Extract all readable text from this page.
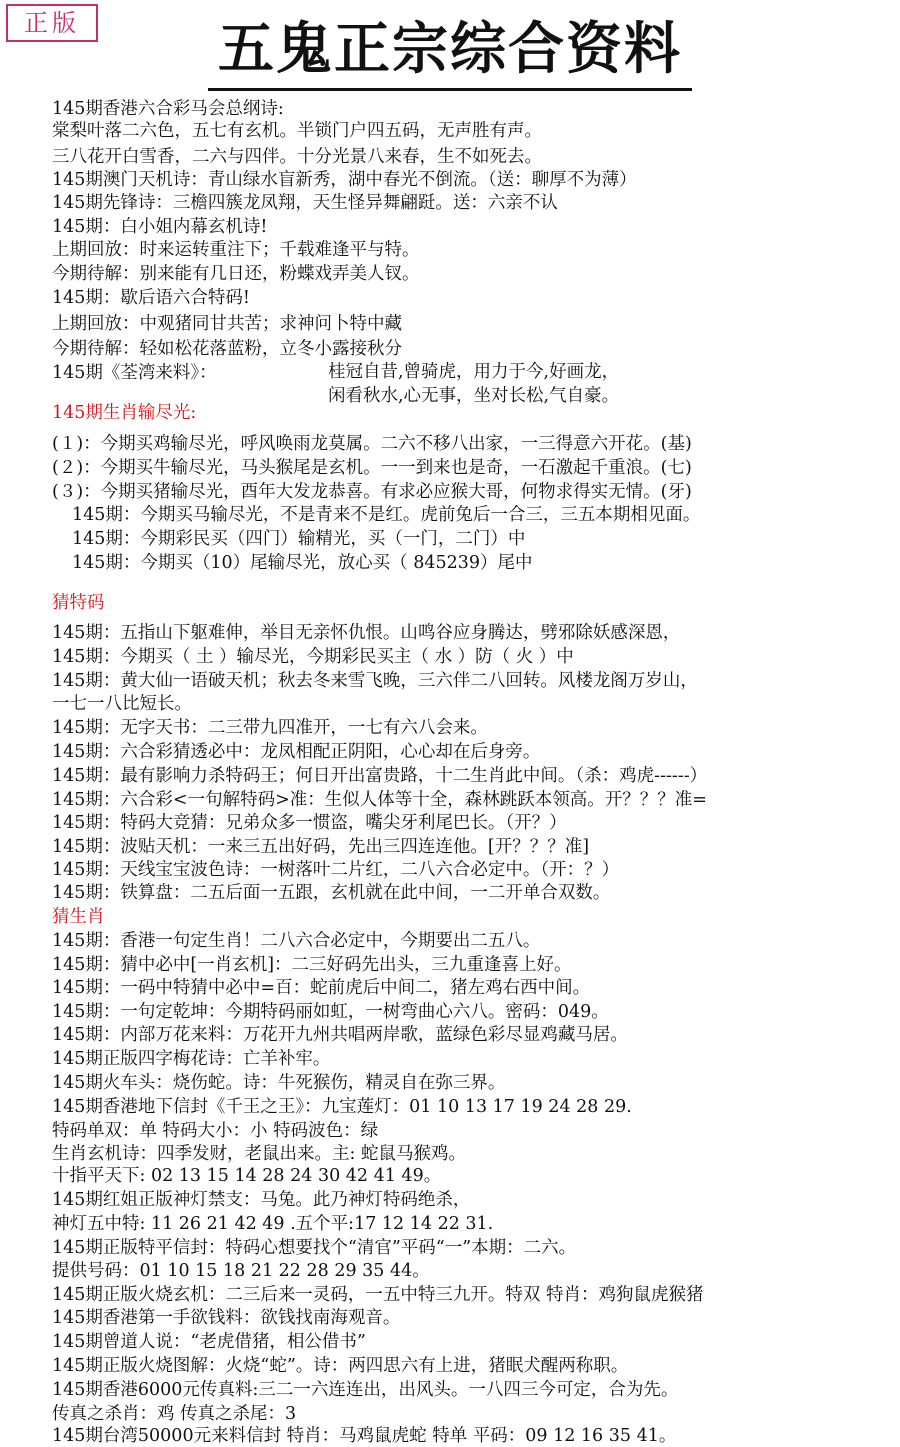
正版	五鬼正宗综合资料
145期香港六合彩马会总纲诗:
棠梨叶落二六色，五七有玄机。半锁门户四五码，无声胜有声。
三八花开白雪香，二六与四伴。十分光景八来春，生不如死去。
145期澳门天机诗：青山绿水盲新秀，湖中春光不倒流。（送：聊厚不为薄）
145期先锋诗：三檐四簇龙凤翔，天生怪异舞翩跹。送：六亲不认
145期：白小姐内幕玄机诗!
上期回放：时来运转重注下；千载难逢平与特。
今期待解：别来能有几日还，粉蝶戏弄美人钗。
145期：歇后语六合特码!
上期回放：中观猪同甘共苦；求神问卜特中藏
今期待解：轻如松花落蓝粉，立冬小露接秋分
145期《荃湾来料》：	桂冠自昔,曾骑虎，用力于今,好画龙，
闲看秋水,心无事，坐对长松,气自豪。
145期生肖输尽光:
(１)：今期买鸡输尽光，呼风唤雨龙莫属。二六不移八出家，一三得意六开花。(基)
(２)：今期买牛输尽光，马头猴尾是玄机。一一到来也是奇，一石激起千重浪。(七)
(３)：今期买猪输尽光，酉年大发龙恭喜。有求必应猴大哥，何物求得实无情。(牙)
145期：今期买马输尽光，不是青来不是红。虎前兔后一合三，三五本期相见面。
145期：今期彩民买（四门）输精光，买（一门，二门）中
145期：今期买（10）尾输尽光，放心买（ 845239）尾中
猜特码
145期：五指山下躯难伸，举目无亲怀仇恨。山鸣谷应身腾达，劈邪除妖感深恩，
145期：今期买（ 土 ）输尽光，今期彩民买主（ 水 ）防（ 火 ）中
145期：黄大仙一语破天机；秋去冬来雪飞晚，三六伴二八回转。风楼龙阁万岁山，
一七一八比短长。
145期：无字天书：二三带九四准开，一七有六八会来。
145期：六合彩猜透必中：龙凤相配正阴阳，心心却在后身旁。
145期：最有影响力杀特码王；何日开出富贵路，十二生肖此中间。（杀：鸡虎------）
145期：六合彩<一句解特码>准：生似人体等十全，森林跳跃本领高。开？？？准=
145期：特码大竞猜：兄弟众多一惯盗，嘴尖牙利尾巴长。（开？）
145期：波贴天机：一来三五出好码，先出三四连连他。[开？？？准]
145期：天线宝宝波色诗：一树落叶二片红，二八六合必定中。（开：？）
145期：铁算盘：二五后面一五跟，玄机就在此中间，一二开单合双数。
猜生肖
145期：香港一句定生肖！二八六合必定中，今期要出二五八。
145期：猜中必中[一肖玄机]：二三好码先出头，三九重逢喜上好。
145期：一码中特猜中必中=百：蛇前虎后中间二，猪左鸡右西中间。
145期：一句定乾坤：今期特码丽如虹，一树弯曲心六八。密码：049。
145期：内部万花来料：万花开九州共唱两岸歌，蓝绿色彩尽显鸡藏马居。
145期正版四字梅花诗：亡羊补牢。
145期火车头：烧伤蛇。诗：牛死猴伤，精灵自在弥三界。
145期香港地下信封《千王之王》：九宝莲灯：01 10 13 17 19 24 28 29.
特码单双：单 特码大小：小 特码波色：绿
生肖玄机诗：四季发财，老鼠出来。主: 蛇鼠马猴鸡。
十指平天下: 02 13 15 14 28 24 30 42 41 49。
145期红姐正版神灯禁支：马兔。此乃神灯特码绝杀，
神灯五中特: 11 26 21 42 49 .五个平:17 12 14 22 31.
145期正版特平信封：特码心想要找个“清官”平码“一”本期：二六。
提供号码：01 10 15 18 21 22 28 29 35 44。
145期正版火烧玄机：二三后来一灵码，一五中特三九开。特双 特肖：鸡狗鼠虎猴猪
145期香港第一手欲钱料：欲钱找南海观音。
145期曾道人说：“老虎借猪，相公借书”
145期正版火烧图解：火烧“蛇”。诗：两四思六有上进，猪眠犬醒两称职。
145期香港6000元传真料:三二一六连连出，出风头。一八四三今可定，合为先。
传真之杀肖：鸡 传真之杀尾：3
145期台湾50000元来料信封 特肖：马鸡鼠虎蛇 特单 平码：09 12 16 35 41。
